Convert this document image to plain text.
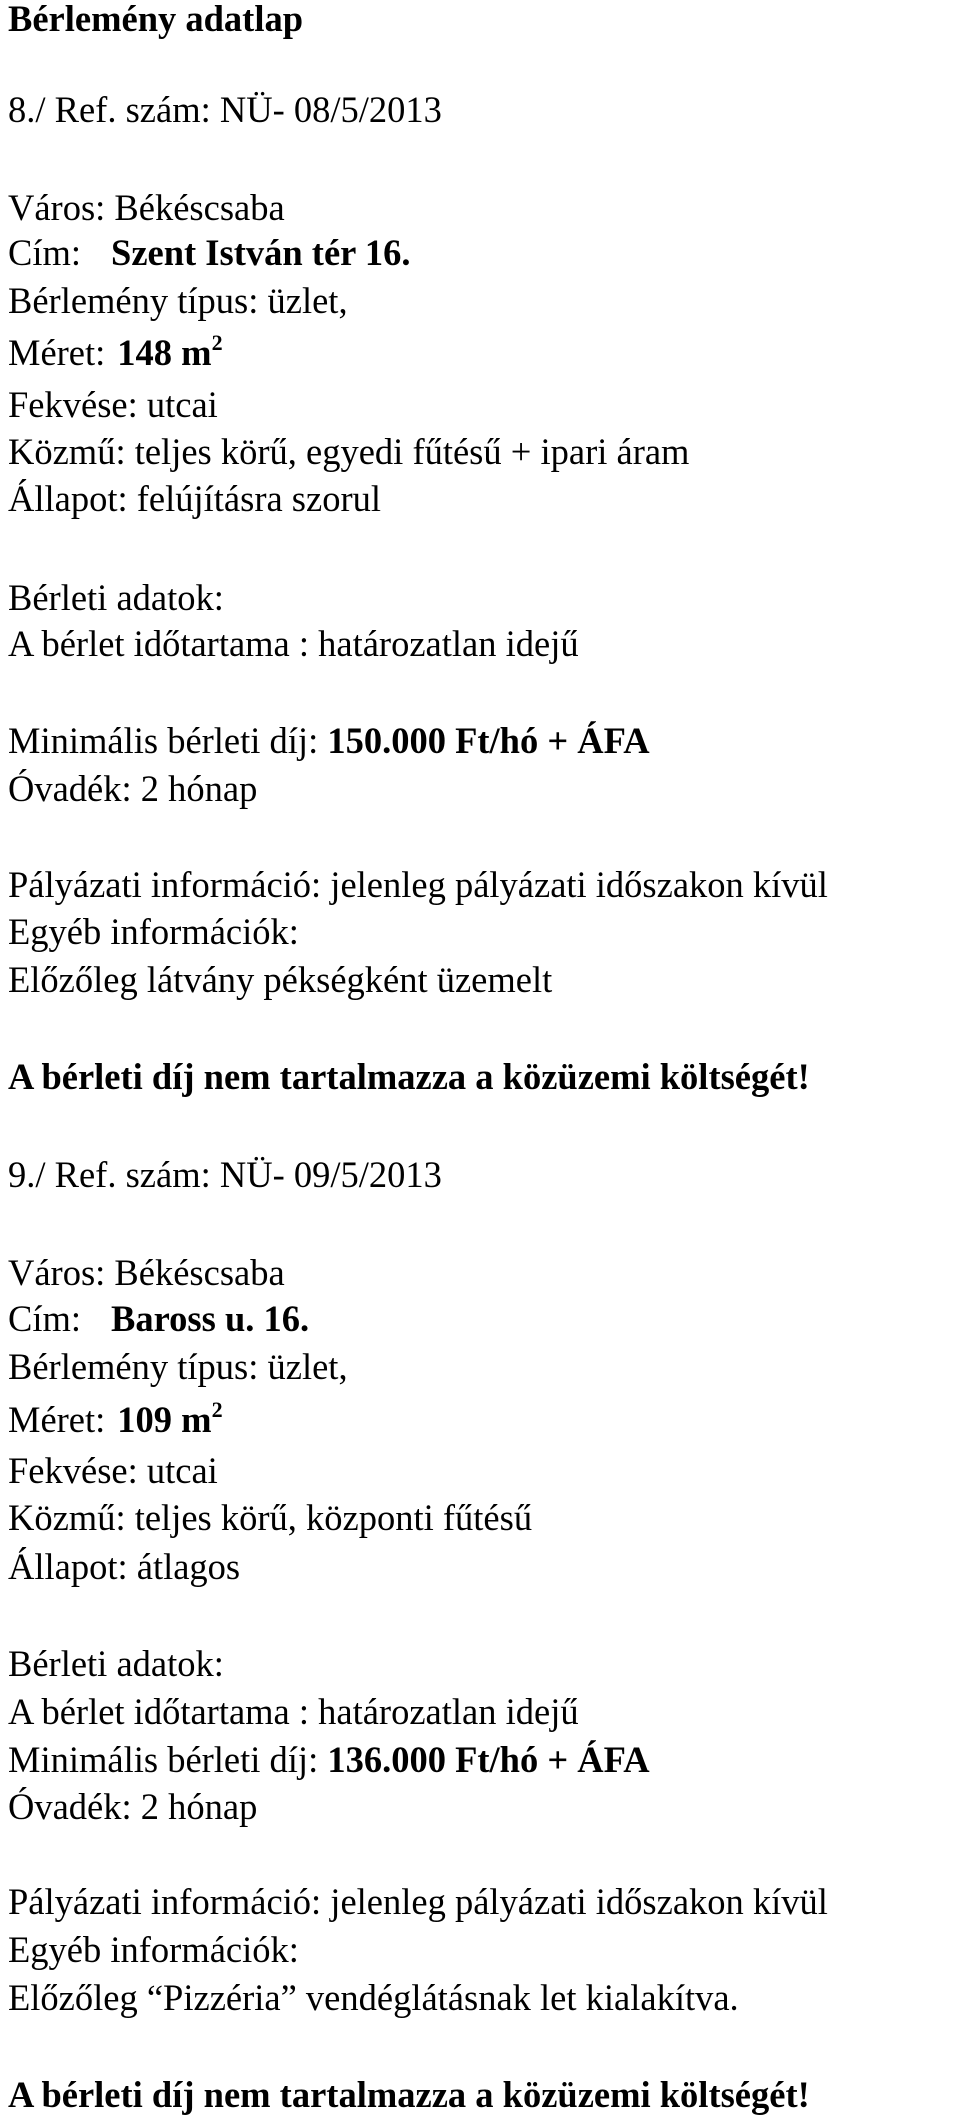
Bérlemény adatlap
8./ Ref. szám: NÜ- 08/5/2013
Város: Békéscsaba
Cím: Szent István tér 16.
Bérlemény típus: üzlet,
Méret: 148 $m^2$
Fekvése: utcai
Közmű: teljes körű, egyedi fűtésű + ipari áram
Állapot: felújításra szorul
Bérleti adatok:
A bérlet időtartama : határozatlan idejű
Minimális bérleti díj: 150.000 Ft/hó + ÁFA
Óvadék: 2 hónap
Pályázati információ: jelenleg pályázati időszakon kívül
Egyéb információk:
Előzőleg látvány pékségként üzemelt
A bérleti díj nem tartalmazza a közüzemi költségét!
9./ Ref. szám: NÜ- 09/5/2013
Város: Békéscsaba
Cím: Baross u. 16.
Bérlemény típus: üzlet,
Méret: 109 $m^2$
Fekvése: utcai
Közmű: teljes körű, központi fűtésű
Állapot: átlagos
Bérleti adatok:
A bérlet időtartama : határozatlan idejű
Minimális bérleti díj: 136.000 Ft/hó + ÁFA
Óvadék: 2 hónap
Pályázati információ: jelenleg pályázati időszakon kívül
Egyéb információk:
Előzőleg “Pizzéria” vendéglátásnak let kialakítva.
A bérleti díj nem tartalmazza a közüzemi költségét!
